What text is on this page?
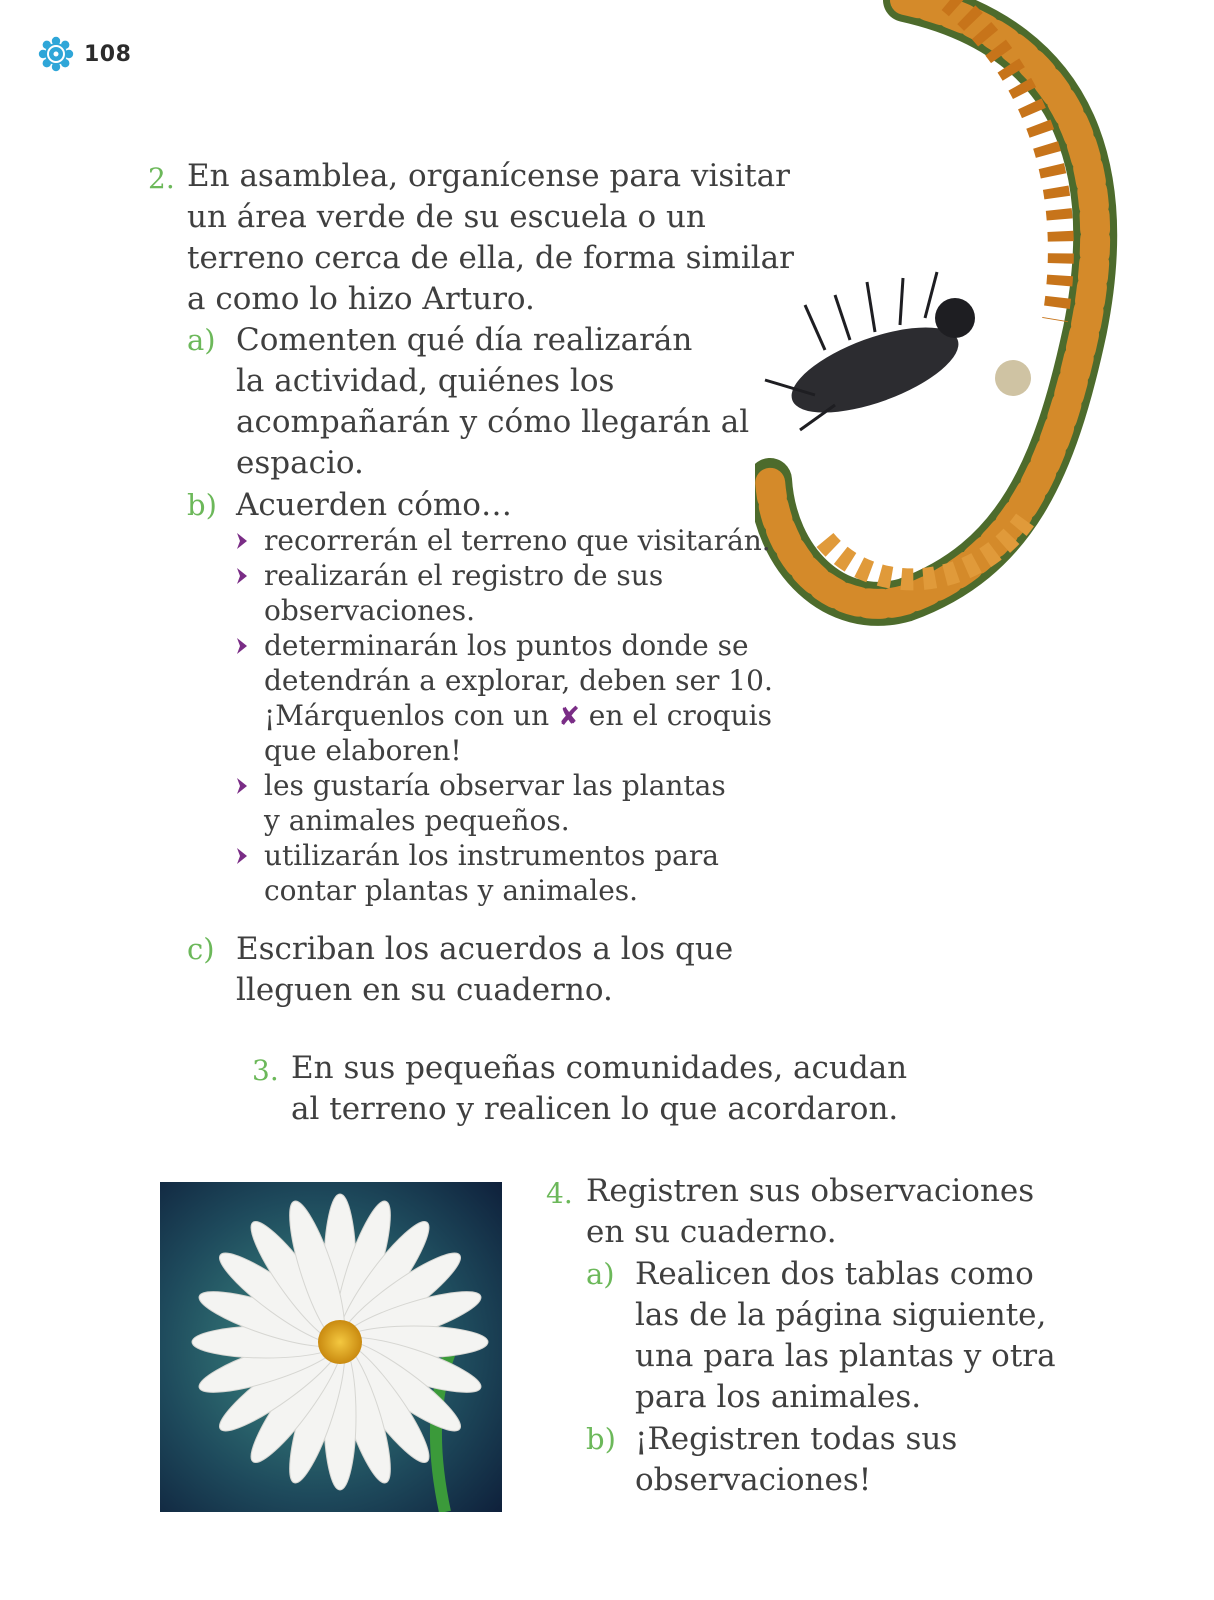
108
2. En asamblea, organícense para visitar
un área verde de su escuela o un
terreno cerca de ella, de forma similar
a como lo hizo Arturo.
a) Comenten qué día realizarán
la actividad, quiénes los
acompañarán y cómo llegarán al
espacio.
b) Acuerden cómo…
recorrerán el terreno que visitarán.
realizarán el registro de sus
observaciones.
determinarán los puntos donde se
detendrán a explorar, deben ser 10.
¡Márquenlos con un ✘ en el croquis
que elaboren!
les gustaría observar las plantas
y animales pequeños.
utilizarán los instrumentos para
contar plantas y animales.
c) Escriban los acuerdos a los que
lleguen en su cuaderno.
3. En sus pequeñas comunidades, acudan
al terreno y realicen lo que acordaron.
4. Registren sus observaciones
en su cuaderno.
a) Realicen dos tablas como
las de la página siguiente,
una para las plantas y otra
para los animales.
b) ¡Registren todas sus
observaciones!
